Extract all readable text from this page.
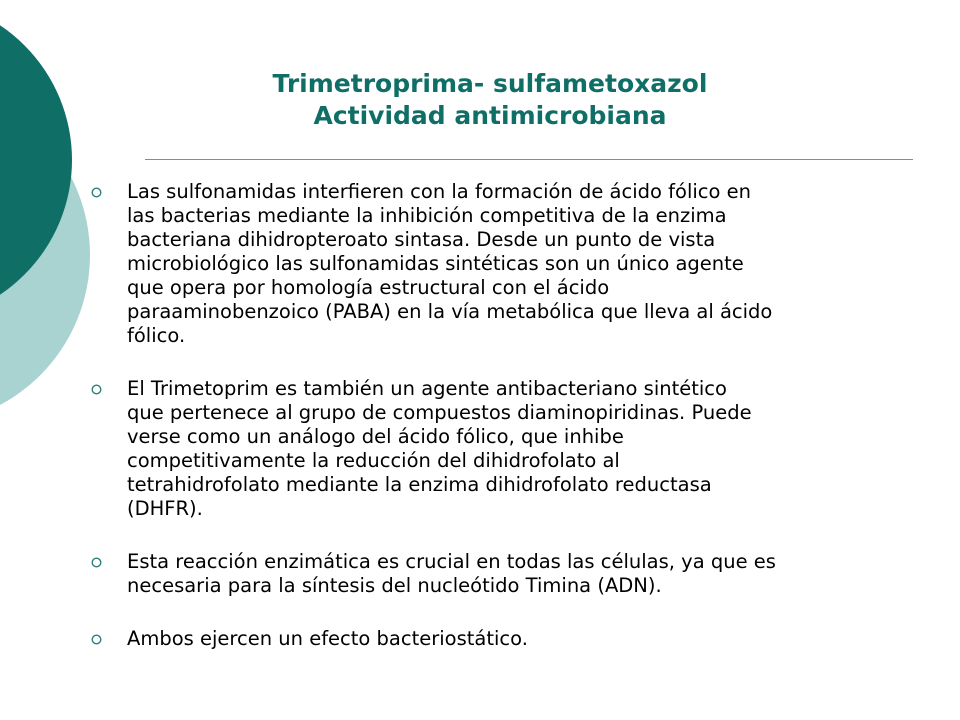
Trimetroprima- sulfametoxazol
Actividad antimicrobiana
Las sulfonamidas interfieren con la formación de ácido fólico en
las bacterias mediante la inhibición competitiva de la enzima
bacteriana dihidropteroato sintasa. Desde un punto de vista
microbiológico las sulfonamidas sintéticas son un único agente
que opera por homología estructural con el ácido
paraaminobenzoico (PABA) en la vía metabólica que lleva al ácido
fólico.
El Trimetoprim es también un agente antibacteriano sintético
que pertenece al grupo de compuestos diaminopiridinas. Puede
verse como un análogo del ácido fólico, que inhibe
competitivamente la reducción del dihidrofolato al
tetrahidrofolato mediante la enzima dihidrofolato reductasa
(DHFR).
Esta reacción enzimática es crucial en todas las células, ya que es
necesaria para la síntesis del nucleótido Timina (ADN).
Ambos ejercen un efecto bacteriostático.
